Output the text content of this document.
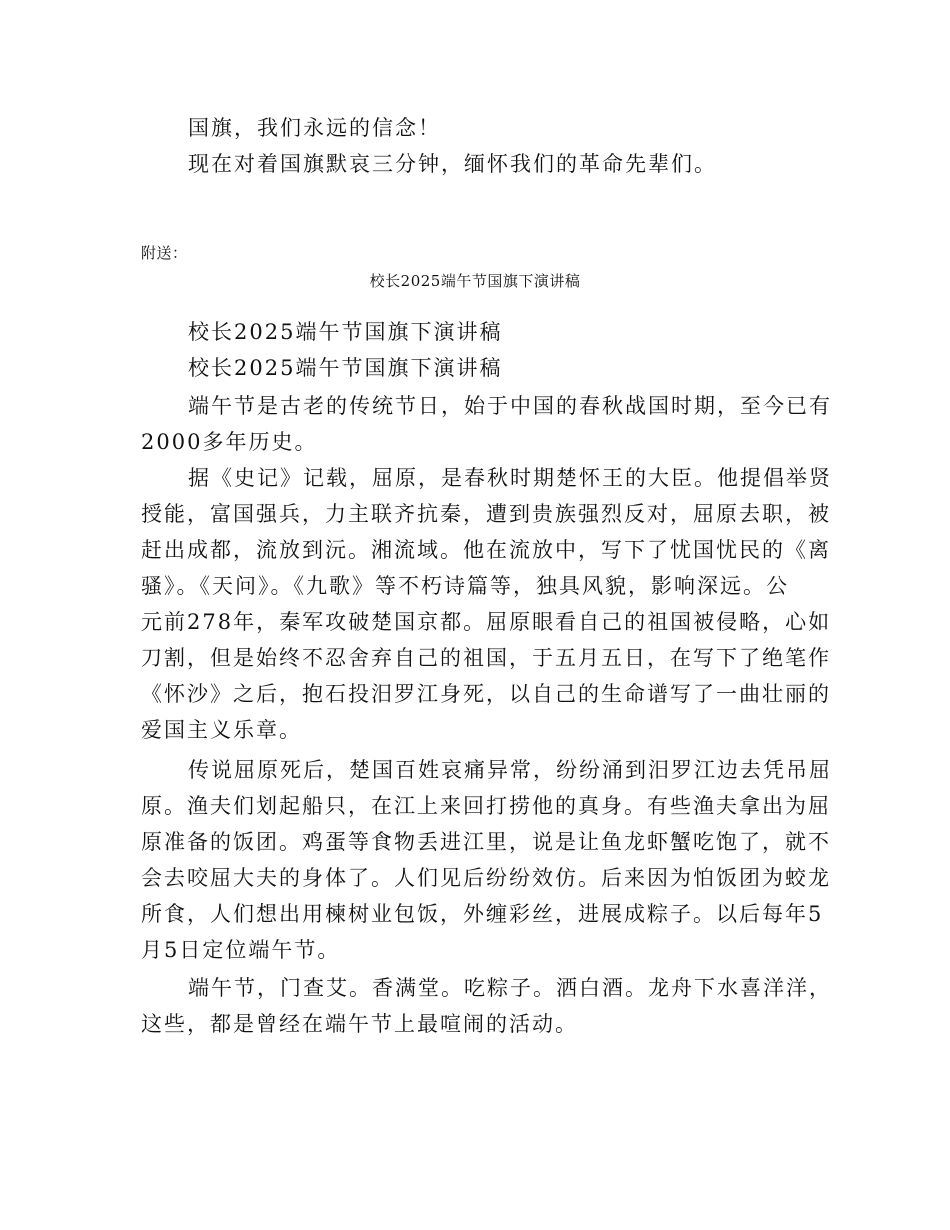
国旗，我们永远的信念！
现在对着国旗默哀三分钟，缅怀我们的革命先辈们。
附送：
校长2025端午节国旗下演讲稿
校长2025端午节国旗下演讲稿
校长2025端午节国旗下演讲稿
端午节是古老的传统节日，始于中国的春秋战国时期，至今已有
2000多年历史。
据《史记》记载，屈原，是春秋时期楚怀王的大臣。他提倡举贤
授能，富国强兵，力主联齐抗秦，遭到贵族强烈反对，屈原去职，被
赶出成都，流放到沅。湘流域。他在流放中，写下了忧国忧民的《离
骚》。《天问》。《九歌》等不朽诗篇等，独具风貌，影响深远。公
元前278年，秦军攻破楚国京都。屈原眼看自己的祖国被侵略，心如
刀割，但是始终不忍舍弃自己的祖国，于五月五日，在写下了绝笔作
《怀沙》之后，抱石投汨罗江身死，以自己的生命谱写了一曲壮丽的
爱国主义乐章。
传说屈原死后，楚国百姓哀痛异常，纷纷涌到汨罗江边去凭吊屈
原。渔夫们划起船只，在江上来回打捞他的真身。有些渔夫拿出为屈
原准备的饭团。鸡蛋等食物丢进江里，说是让鱼龙虾蟹吃饱了，就不
会去咬屈大夫的身体了。人们见后纷纷效仿。后来因为怕饭团为蛟龙
所食，人们想出用楝树业包饭，外缠彩丝，进展成粽子。以后每年5
月5日定位端午节。
端午节，门查艾。香满堂。吃粽子。洒白酒。龙舟下水喜洋洋，
这些，都是曾经在端午节上最喧闹的活动。
